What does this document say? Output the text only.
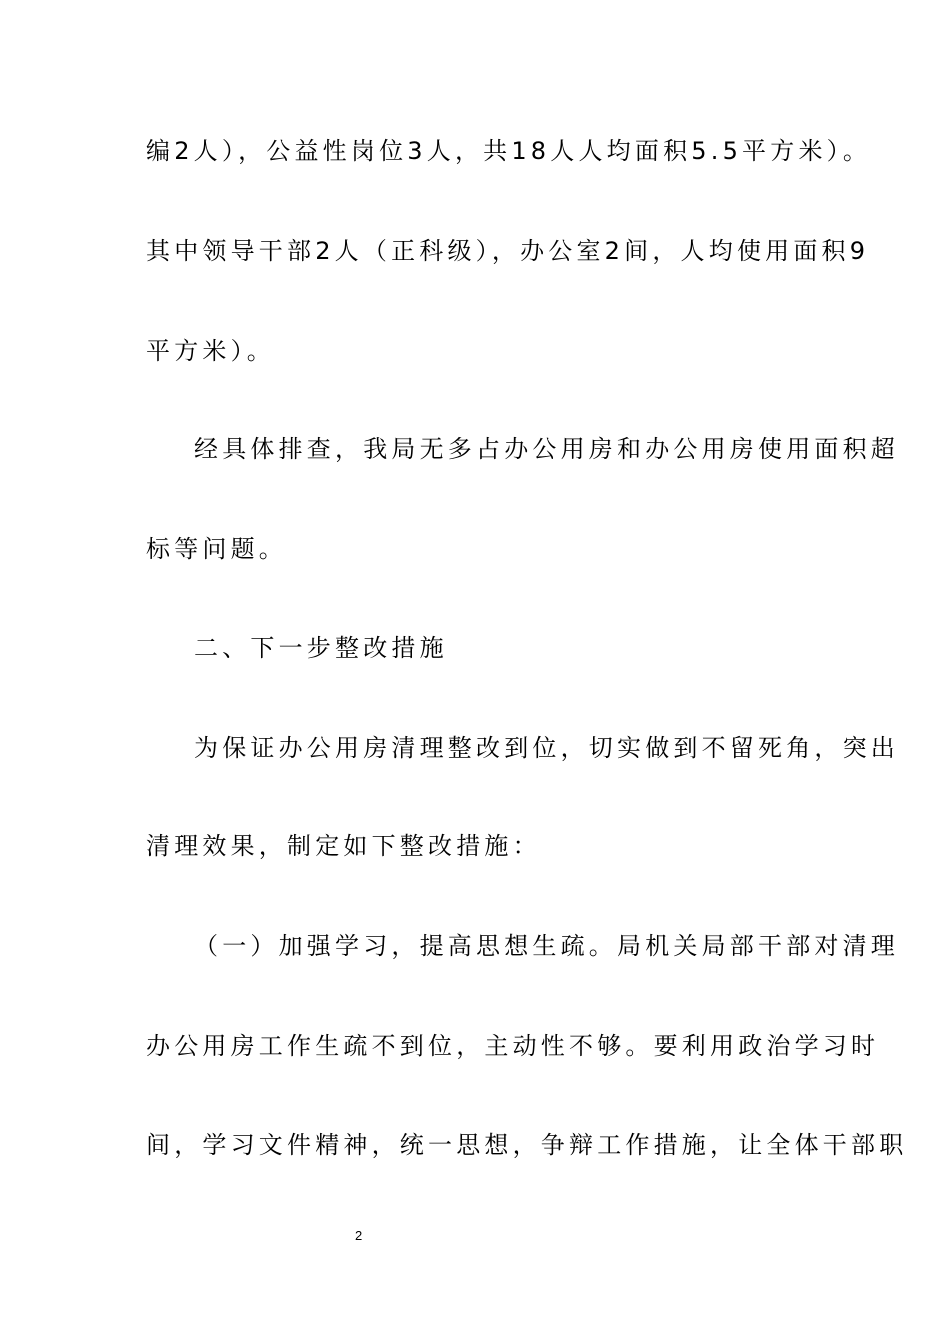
编2人），公益性岗位3人，共18人人均面积5.5平方米）。
其中领导干部2人（正科级），办公室2间，人均使用面积9
平方米）。
经具体排查，我局无多占办公用房和办公用房使用面积超
标等问题。
二、下一步整改措施
为保证办公用房清理整改到位，切实做到不留死角，突出
清理效果，制定如下整改措施：
（一）加强学习，提高思想生疏。局机关局部干部对清理
办公用房工作生疏不到位，主动性不够。要利用政治学习时
间，学习文件精神，统一思想，争辩工作措施，让全体干部职
2
